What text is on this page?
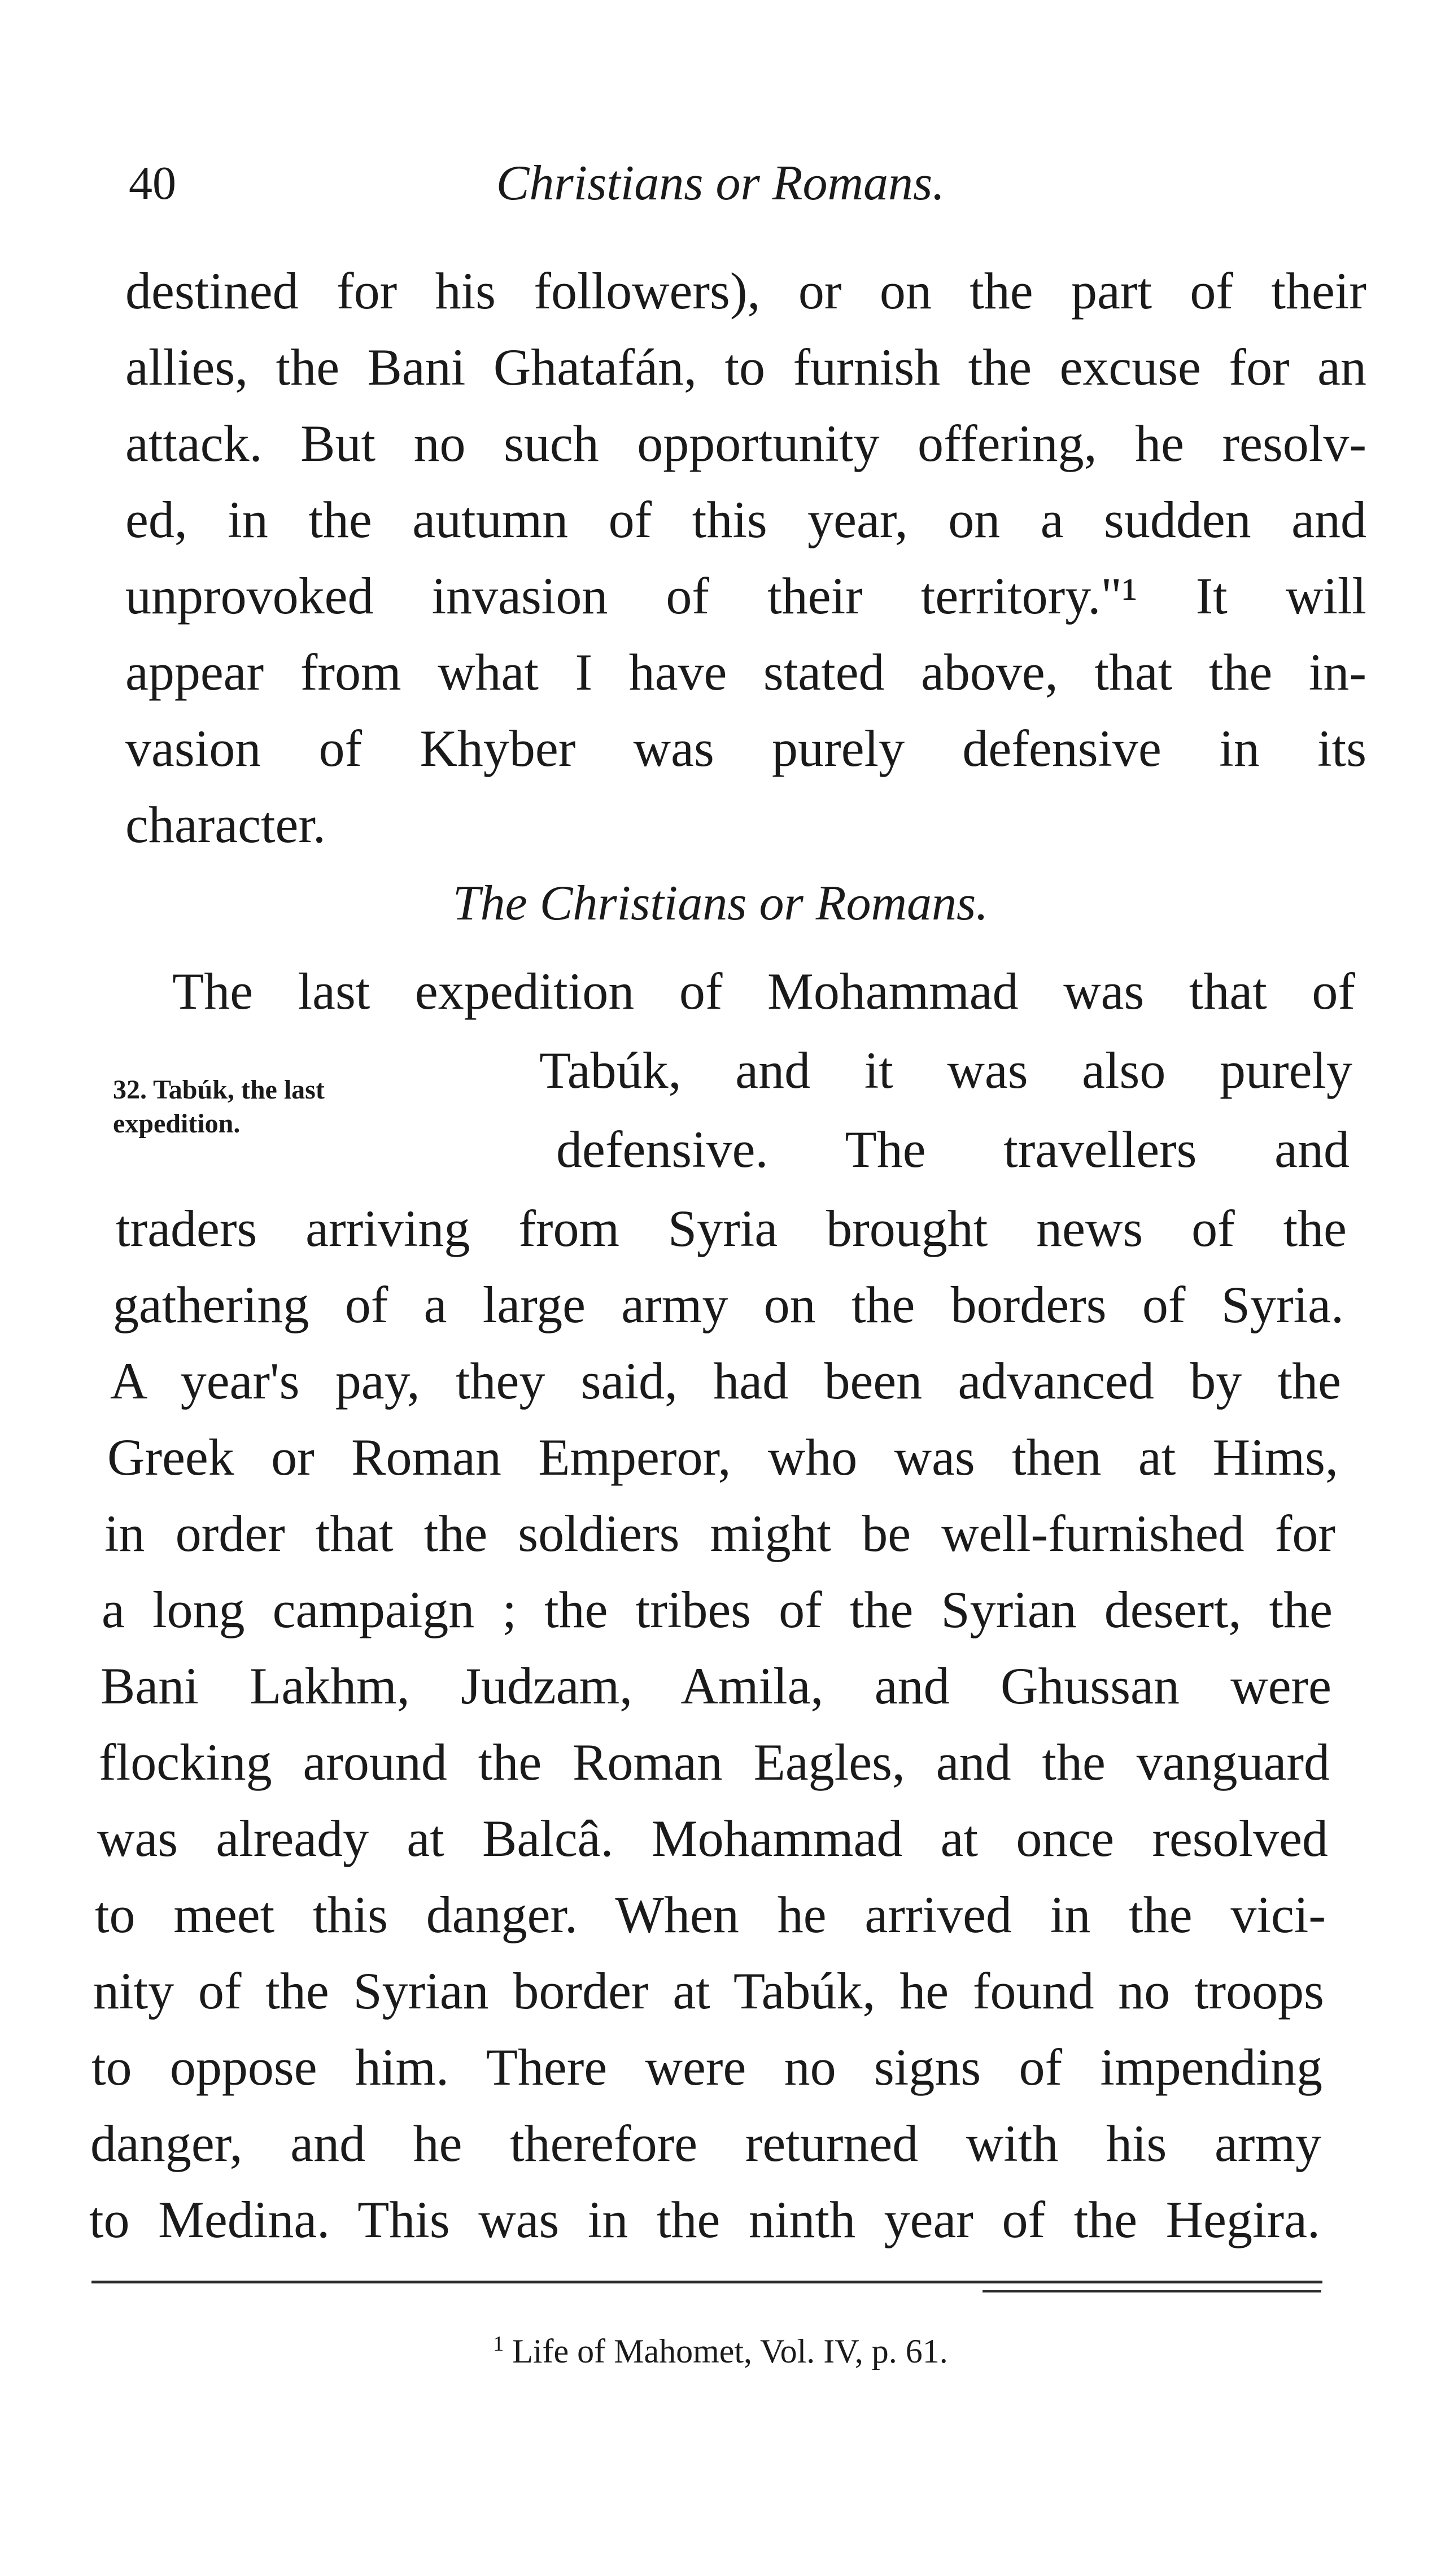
40	Christians or Romans.
destined for his followers), or on the part of their
allies, the Bani Ghatafán, to furnish the excuse for an
attack. But no such opportunity offering, he resolv-
ed, in the autumn of this year, on a sudden and
unprovoked invasion of their territory."¹ It will
appear from what I have stated above, that the in-
vasion of Khyber was purely defensive in its
character.
The Christians or Romans.
The last expedition of Mohammad was that of
32. Tabúk, the last
expedition.
Tabúk, and it was also purely
defensive. The travellers and
traders arriving from Syria brought news of the
gathering of a large army on the borders of Syria.
A year's pay, they said, had been advanced by the
Greek or Roman Emperor, who was then at Hims,
in order that the soldiers might be well-furnished for
a long campaign ; the tribes of the Syrian desert, the
Bani Lakhm, Judzam, Amila, and Ghussan were
flocking around the Roman Eagles, and the vanguard
was already at Balcâ. Mohammad at once resolved
to meet this danger. When he arrived in the vici-
nity of the Syrian border at Tabúk, he found no troops
to oppose him. There were no signs of impending
danger, and he therefore returned with his army
to Medina. This was in the ninth year of the Hegira.
$^1$ Life of Mahomet, Vol. IV, p. 61.
